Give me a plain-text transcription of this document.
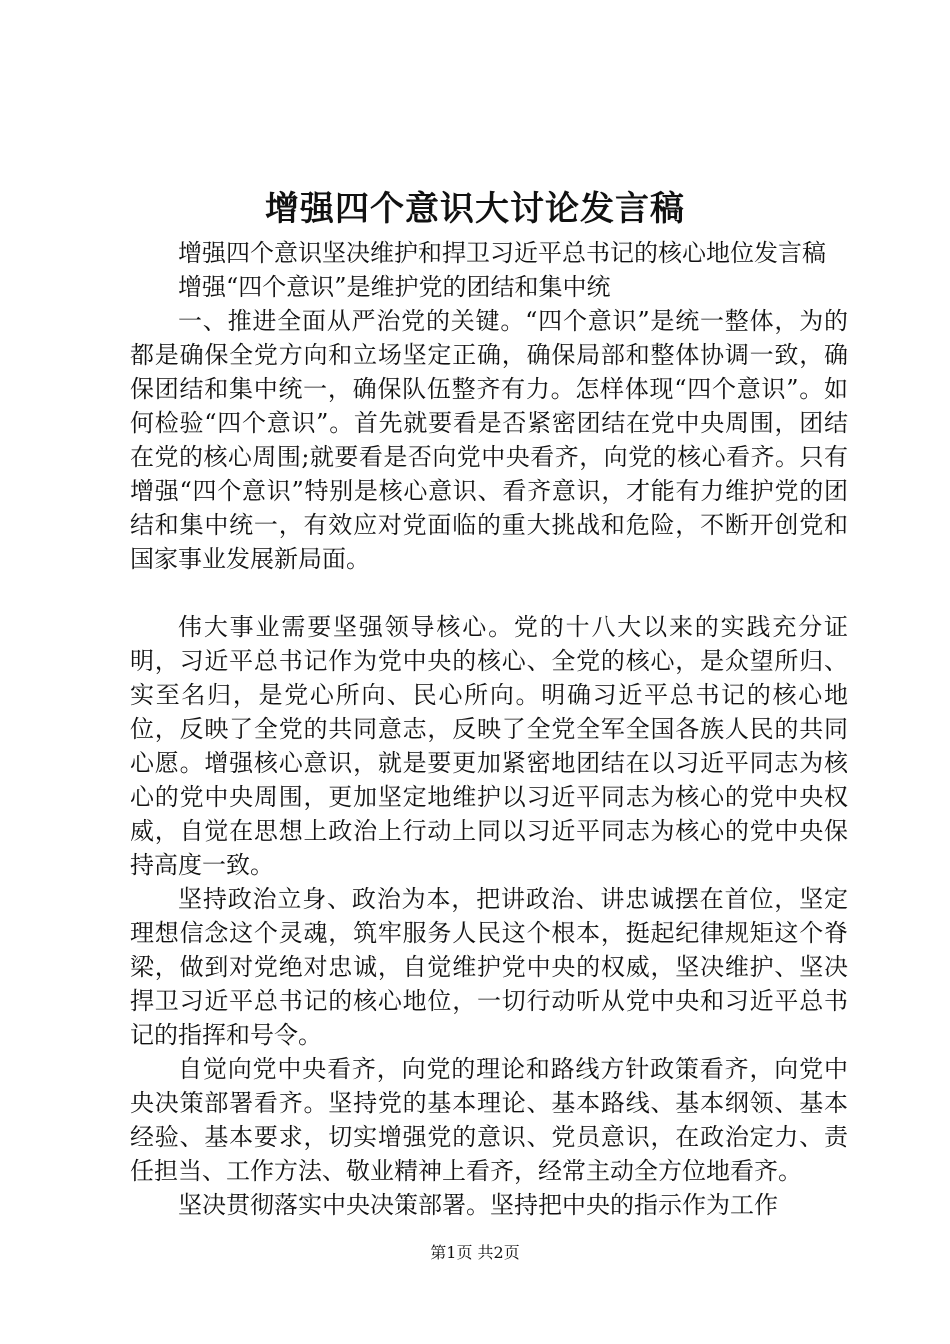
增强四个意识大讨论发言稿

增强四个意识坚决维护和捍卫习近平总书记的核心地位发言稿

增强“四个意识”是维护党的团结和集中统

一、推进全面从严治党的关键。“四个意识”是统一整体，为的都是确保全党方向和立场坚定正确，确保局部和整体协调一致，确保团结和集中统一，确保队伍整齐有力。怎样体现“四个意识”。如何检验“四个意识”。首先就要看是否紧密团结在党中央周围，团结在党的核心周围;就要看是否向党中央看齐，向党的核心看齐。只有增强“四个意识”特别是核心意识、看齐意识，才能有力维护党的团结和集中统一，有效应对党面临的重大挑战和危险，不断开创党和国家事业发展新局面。

伟大事业需要坚强领导核心。党的十八大以来的实践充分证明，习近平总书记作为党中央的核心、全党的核心，是众望所归、实至名归，是党心所向、民心所向。明确习近平总书记的核心地位，反映了全党的共同意志，反映了全党全军全国各族人民的共同心愿。增强核心意识，就是要更加紧密地团结在以习近平同志为核心的党中央周围，更加坚定地维护以习近平同志为核心的党中央权威，自觉在思想上政治上行动上同以习近平同志为核心的党中央保持高度一致。

坚持政治立身、政治为本，把讲政治、讲忠诚摆在首位，坚定理想信念这个灵魂，筑牢服务人民这个根本，挺起纪律规矩这个脊梁，做到对党绝对忠诚，自觉维护党中央的权威，坚决维护、坚决捍卫习近平总书记的核心地位，一切行动听从党中央和习近平总书记的指挥和号令。

自觉向党中央看齐，向党的理论和路线方针政策看齐，向党中央决策部署看齐。坚持党的基本理论、基本路线、基本纲领、基本经验、基本要求，切实增强党的意识、党员意识，在政治定力、责任担当、工作方法、敬业精神上看齐，经常主动全方位地看齐。

坚决贯彻落实中央决策部署。坚持把中央的指示作为工作

第1页 共2页
